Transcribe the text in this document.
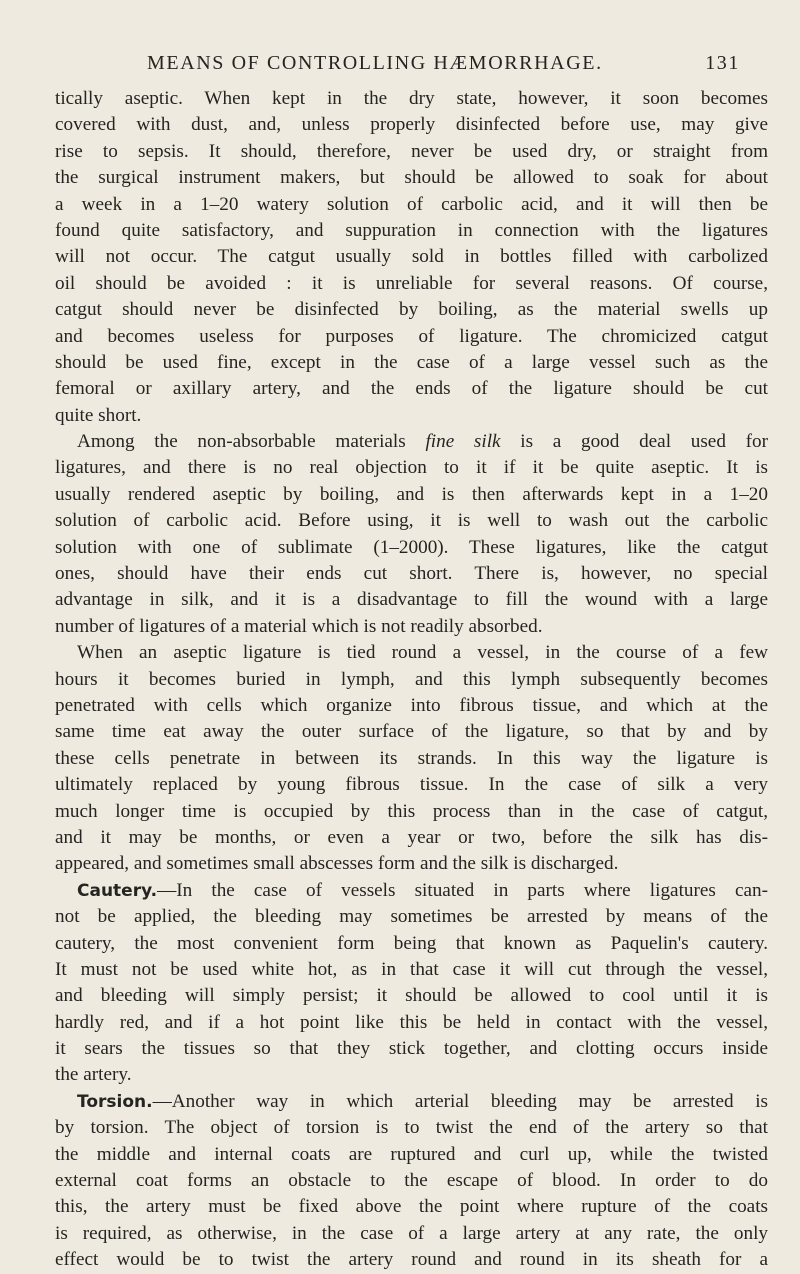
MEANS OF CONTROLLING HÆMORRHAGE.	131
tically aseptic. When kept in the dry state, however, it soon becomes
covered with dust, and, unless properly disinfected before use, may give
rise to sepsis. It should, therefore, never be used dry, or straight from
the surgical instrument makers, but should be allowed to soak for about
a week in a 1–20 watery solution of carbolic acid, and it will then be
found quite satisfactory, and suppuration in connection with the ligatures
will not occur. The catgut usually sold in bottles filled with carbolized
oil should be avoided : it is unreliable for several reasons. Of course,
catgut should never be disinfected by boiling, as the material swells up
and becomes useless for purposes of ligature. The chromicized catgut
should be used fine, except in the case of a large vessel such as the
femoral or axillary artery, and the ends of the ligature should be cut
quite short.
Among the non-absorbable materials fine silk is a good deal used for
ligatures, and there is no real objection to it if it be quite aseptic. It is
usually rendered aseptic by boiling, and is then afterwards kept in a 1–20
solution of carbolic acid. Before using, it is well to wash out the carbolic
solution with one of sublimate (1–2000). These ligatures, like the catgut
ones, should have their ends cut short. There is, however, no special
advantage in silk, and it is a disadvantage to fill the wound with a large
number of ligatures of a material which is not readily absorbed.
When an aseptic ligature is tied round a vessel, in the course of a few
hours it becomes buried in lymph, and this lymph subsequently becomes
penetrated with cells which organize into fibrous tissue, and which at the
same time eat away the outer surface of the ligature, so that by and by
these cells penetrate in between its strands. In this way the ligature is
ultimately replaced by young fibrous tissue. In the case of silk a very
much longer time is occupied by this process than in the case of catgut,
and it may be months, or even a year or two, before the silk has dis-
appeared, and sometimes small abscesses form and the silk is discharged.
Cautery.—In the case of vessels situated in parts where ligatures can-
not be applied, the bleeding may sometimes be arrested by means of the
cautery, the most convenient form being that known as Paquelin's cautery.
It must not be used white hot, as in that case it will cut through the vessel,
and bleeding will simply persist; it should be allowed to cool until it is
hardly red, and if a hot point like this be held in contact with the vessel,
it sears the tissues so that they stick together, and clotting occurs inside
the artery.
Torsion.—Another way in which arterial bleeding may be arrested is
by torsion. The object of torsion is to twist the end of the artery so that
the middle and internal coats are ruptured and curl up, while the twisted
external coat forms an obstacle to the escape of blood. In order to do
this, the artery must be fixed above the point where rupture of the coats
is required, as otherwise, in the case of a large artery at any rate, the only
effect would be to twist the artery round and round in its sheath for a
